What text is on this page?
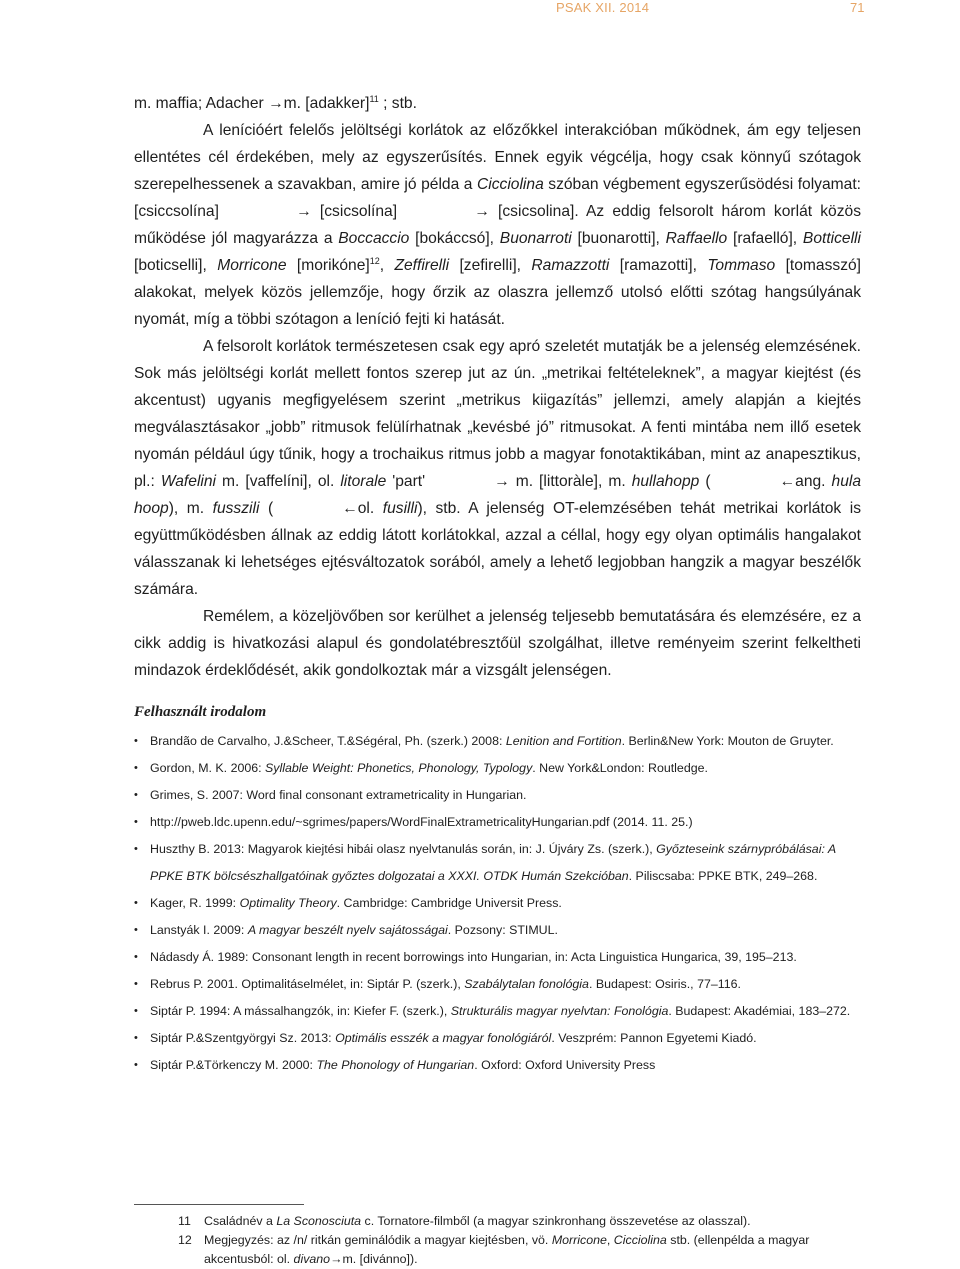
PSAK XII. 2014	71

m. maffia; Adacher →m. [adakker]$^{11}$ ; stb.

A lenícióért felelős jelöltségi korlátok az előzőkkel interakcióban működnek, ám egy teljesen ellentétes cél érdekében, mely az egyszerűsítés. Ennek egyik végcélja, hogy csak könnyű szótagok szerepelhessenek a szavakban, amire jó példa a Cicciolina szóban végbement egyszerűsödési folyamat: [csiccsolína]	→ [csicsolína]	→ [csicsolina]. Az eddig felsorolt három korlát közös működése jól magyarázza a Boccaccio [bokáccsó], Buonarroti [buonarotti], Raffaello [rafaelló], Botticelli [boticselli], Morricone [morikóne]$^{12}$, Zeffirelli [zefirelli], Ramazzotti [ramazotti], Tommaso [tomasszó] alakokat, melyek közös jellemzője, hogy őrzik az olaszra jellemző utolsó előtti szótag hangsúlyának nyomát, míg a többi szótagon a leníció fejti ki hatását.

A felsorolt korlátok természetesen csak egy apró szeletét mutatják be a jelenség elemzésének. Sok más jelöltségi korlát mellett fontos szerep jut az ún. „metrikai feltételeknek”, a magyar kiejtést (és akcentust) ugyanis megfigyelésem szerint „metrikus kiigazítás” jellemzi, amely alapján a kiejtés megválasztásakor „jobb” ritmusok felülírhatnak „kevésbé jó” ritmusokat. A fenti mintába nem illő esetek nyomán például úgy tűnik, hogy a trochaikus ritmus jobb a magyar fonotaktikában, mint az anapesztikus, pl.: Wafelini m. [vaffelíni], ol. litorale 'part'	→ m. [littoràle], m. hullahopp (	←ang. hula hoop), m. fusszili (	←ol. fusilli), stb. A jelenség OT-elemzésében tehát metrikai korlátok is együttműködésben állnak az eddig látott korlátokkal, azzal a céllal, hogy egy olyan optimális hangalakot válasszanak ki lehetséges ejtésváltozatok sorából, amely a lehető legjobban hangzik a magyar beszélők számára.

Remélem, a közeljövőben sor kerülhet a jelenség teljesebb bemutatására és elemzésére, ez a cikk addig is hivatkozási alapul és gondolatébresztőül szolgálhat, illetve reményeim szerint felkeltheti mindazok érdeklődését, akik gondolkoztak már a vizsgált jelenségen.

Felhasznált irodalom
• Brandão de Carvalho, J.&Scheer, T.&Ségéral, Ph. (szerk.) 2008: Lenition and Fortition. Berlin&New York: Mouton de Gruyter.
• Gordon, M. K. 2006: Syllable Weight: Phonetics, Phonology, Typology. New York&London: Routledge.
• Grimes, S. 2007: Word final consonant extrametricality in Hungarian.
• http://pweb.ldc.upenn.edu/~sgrimes/papers/WordFinalExtrametricalityHungarian.pdf (2014. 11. 25.)
• Huszthy B. 2013: Magyarok kiejtési hibái olasz nyelvtanulás során, in: J. Újváry Zs. (szerk.), Győzteseink szárnypróbálásai: A PPKE BTK bölcsészhallgatóinak győztes dolgozatai a XXXI. OTDK Humán Szekcióban. Piliscsaba: PPKE BTK, 249–268.
• Kager, R. 1999: Optimality Theory. Cambridge: Cambridge Universit Press.
• Lanstyák I. 2009: A magyar beszélt nyelv sajátosságai. Pozsony: STIMUL.
• Nádasdy Á. 1989: Consonant length in recent borrowings into Hungarian, in: Acta Linguistica Hungarica, 39, 195–213.
• Rebrus P. 2001. Optimalitáselmélet, in: Siptár P. (szerk.), Szabálytalan fonológia. Budapest: Osiris., 77–116.
• Siptár P. 1994: A mássalhangzók, in: Kiefer F. (szerk.), Strukturális magyar nyelvtan: Fonológia. Budapest: Akadémiai, 183–272.
• Siptár P.&Szentgyörgyi Sz. 2013: Optimális esszék a magyar fonológiáról. Veszprém: Pannon Egyetemi Kiadó.
• Siptár P.&Törkenczy M. 2000: The Phonology of Hungarian. Oxford: Oxford University Press
11 Családnév a La Sconosciuta c. Tornatore-filmből (a magyar szinkronhang összevetése az olasszal).
12 Megjegyzés: az /n/ ritkán geminálódik a magyar kiejtésben, vö. Morricone, Cicciolina stb. (ellenpélda a magyar akcentusból: ol. divano→m. [divánno]).
